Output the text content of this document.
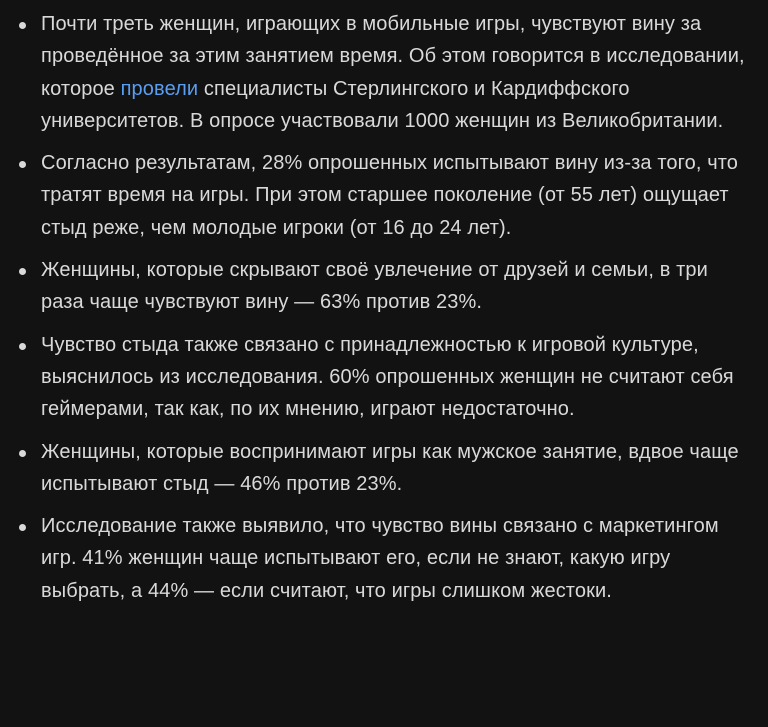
Почти треть женщин, играющих в мобильные игры, чувствуют вину за проведённое за этим занятием время. Об этом говорится в исследовании, которое провели специалисты Стерлингского и Кардиффского университетов. В опросе участвовали 1000 женщин из Великобритании.
Согласно результатам, 28% опрошенных испытывают вину из-за того, что тратят время на игры. При этом старшее поколение (от 55 лет) ощущает стыд реже, чем молодые игроки (от 16 до 24 лет).
Женщины, которые скрывают своё увлечение от друзей и семьи, в три раза чаще чувствуют вину — 63% против 23%.
Чувство стыда также связано с принадлежностью к игровой культуре, выяснилось из исследования. 60% опрошенных женщин не считают себя геймерами, так как, по их мнению, играют недостаточно.
Женщины, которые воспринимают игры как мужское занятие, вдвое чаще испытывают стыд — 46% против 23%.
Исследование также выявило, что чувство вины связано с маркетингом игр. 41% женщин чаще испытывают его, если не знают, какую игру выбрать, а 44% — если считают, что игры слишком жестоки.
